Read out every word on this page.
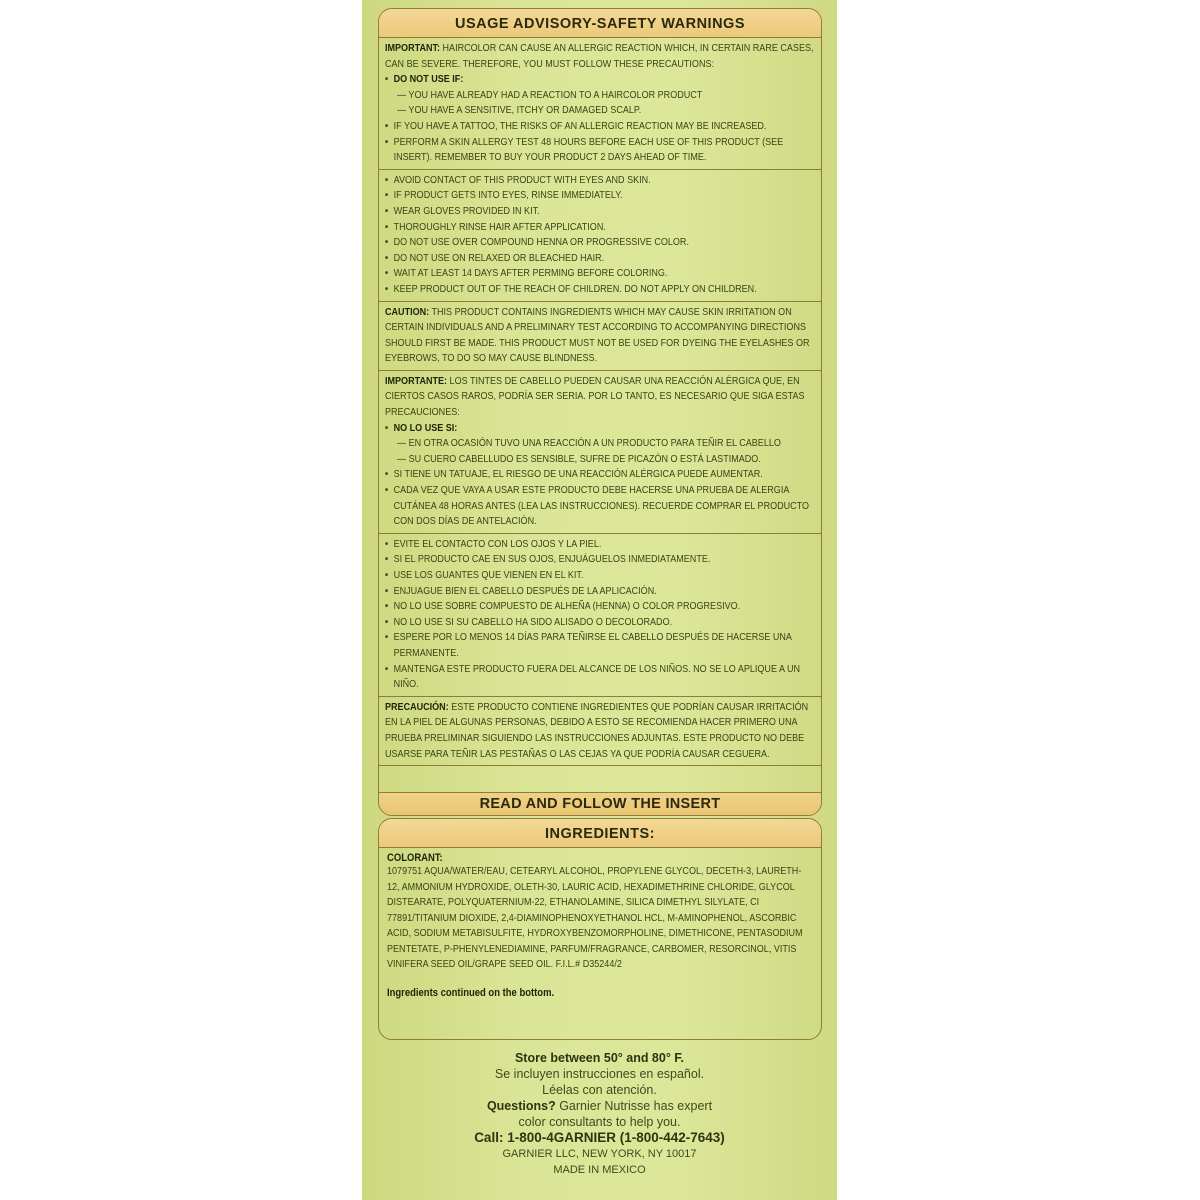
USAGE ADVISORY-SAFETY WARNINGS
IMPORTANT: HAIRCOLOR CAN CAUSE AN ALLERGIC REACTION WHICH, IN CERTAIN RARE CASES, CAN BE SEVERE. THEREFORE, YOU MUST FOLLOW THESE PRECAUTIONS:
• DO NOT USE IF:
— YOU HAVE ALREADY HAD A REACTION TO A HAIRCOLOR PRODUCT
— YOU HAVE A SENSITIVE, ITCHY OR DAMAGED SCALP.
• IF YOU HAVE A TATTOO, THE RISKS OF AN ALLERGIC REACTION MAY BE INCREASED.
• PERFORM A SKIN ALLERGY TEST 48 HOURS BEFORE EACH USE OF THIS PRODUCT (SEE INSERT). REMEMBER TO BUY YOUR PRODUCT 2 DAYS AHEAD OF TIME.
• AVOID CONTACT OF THIS PRODUCT WITH EYES AND SKIN.
• IF PRODUCT GETS INTO EYES, RINSE IMMEDIATELY.
• WEAR GLOVES PROVIDED IN KIT.
• THOROUGHLY RINSE HAIR AFTER APPLICATION.
• DO NOT USE OVER COMPOUND HENNA OR PROGRESSIVE COLOR.
• DO NOT USE ON RELAXED OR BLEACHED HAIR.
• WAIT AT LEAST 14 DAYS AFTER PERMING BEFORE COLORING.
• KEEP PRODUCT OUT OF THE REACH OF CHILDREN. DO NOT APPLY ON CHILDREN.
CAUTION: THIS PRODUCT CONTAINS INGREDIENTS WHICH MAY CAUSE SKIN IRRITATION ON CERTAIN INDIVIDUALS AND A PRELIMINARY TEST ACCORDING TO ACCOMPANYING DIRECTIONS SHOULD FIRST BE MADE. THIS PRODUCT MUST NOT BE USED FOR DYEING THE EYELASHES OR EYEBROWS, TO DO SO MAY CAUSE BLINDNESS.
IMPORTANTE: LOS TINTES DE CABELLO PUEDEN CAUSAR UNA REACCIÓN ALÉRGICA QUE, EN CIERTOS CASOS RAROS, PODRÍA SER SERIA. POR LO TANTO, ES NECESARIO QUE SIGA ESTAS PRECAUCIONES:
• NO LO USE SI:
— EN OTRA OCASIÓN TUVO UNA REACCIÓN A UN PRODUCTO PARA TEÑIR EL CABELLO
— SU CUERO CABELLUDO ES SENSIBLE, SUFRE DE PICAZÓN O ESTÁ LASTIMADO.
• SI TIENE UN TATUAJE, EL RIESGO DE UNA REACCIÓN ALÉRGICA PUEDE AUMENTAR.
• CADA VEZ QUE VAYA A USAR ESTE PRODUCTO DEBE HACERSE UNA PRUEBA DE ALERGIA CUTÁNEA 48 HORAS ANTES (LEA LAS INSTRUCCIONES). RECUERDE COMPRAR EL PRODUCTO CON DOS DÍAS DE ANTELACIÓN.
• EVITE EL CONTACTO CON LOS OJOS Y LA PIEL.
• SI EL PRODUCTO CAE EN SUS OJOS, ENJUÁGUELOS INMEDIATAMENTE.
• USE LOS GUANTES QUE VIENEN EN EL KIT.
• ENJUAGUE BIEN EL CABELLO DESPUÉS DE LA APLICACIÓN.
• NO LO USE SOBRE COMPUESTO DE ALHEÑA (HENNA) O COLOR PROGRESIVO.
• NO LO USE SI SU CABELLO HA SIDO ALISADO O DECOLORADO.
• ESPERE POR LO MENOS 14 DÍAS PARA TEÑIRSE EL CABELLO DESPUÉS DE HACERSE UNA PERMANENTE.
• MANTENGA ESTE PRODUCTO FUERA DEL ALCANCE DE LOS NIÑOS. NO SE LO APLIQUE A UN NIÑO.
PRECAUCIÓN: ESTE PRODUCTO CONTIENE INGREDIENTES QUE PODRÍAN CAUSAR IRRITACIÓN EN LA PIEL DE ALGUNAS PERSONAS, DEBIDO A ESTO SE RECOMIENDA HACER PRIMERO UNA PRUEBA PRELIMINAR SIGUIENDO LAS INSTRUCCIONES ADJUNTAS. ESTE PRODUCTO NO DEBE USARSE PARA TEÑIR LAS PESTAÑAS O LAS CEJAS YA QUE PODRÍA CAUSAR CEGUERA.
READ AND FOLLOW THE INSERT
INGREDIENTS:
COLORANT:
1079751 AQUA/WATER/EAU, CETEARYL ALCOHOL, PROPYLENE GLYCOL, DECETH-3, LAURETH-12, AMMONIUM HYDROXIDE, OLETH-30, LAURIC ACID, HEXADIMETHRINE CHLORIDE, GLYCOL DISTEARATE, POLYQUATERNIUM-22, ETHANOLAMINE, SILICA DIMETHYL SILYLATE, CI 77891/TITANIUM DIOXIDE, 2,4-DIAMINOPHENOXYETHANOL HCL, M-AMINOPHENOL, ASCORBIC ACID, SODIUM METABISULFITE, HYDROXYBENZOMORPHOLINE, DIMETHICONE, PENTASODIUM PENTETATE, P-PHENYLENEDIAMINE, PARFUM/FRAGRANCE, CARBOMER, RESORCINOL, VITIS VINIFERA SEED OIL/GRAPE SEED OIL. F.I.L.# D35244/2
Ingredients continued on the bottom.
Store between 50° and 80° F.
Se incluyen instrucciones en español.
Léelas con atención.
Questions? Garnier Nutrisse has expert
color consultants to help you.
Call: 1-800-4GARNIER (1-800-442-7643)
GARNIER LLC, NEW YORK, NY 10017
MADE IN MEXICO
